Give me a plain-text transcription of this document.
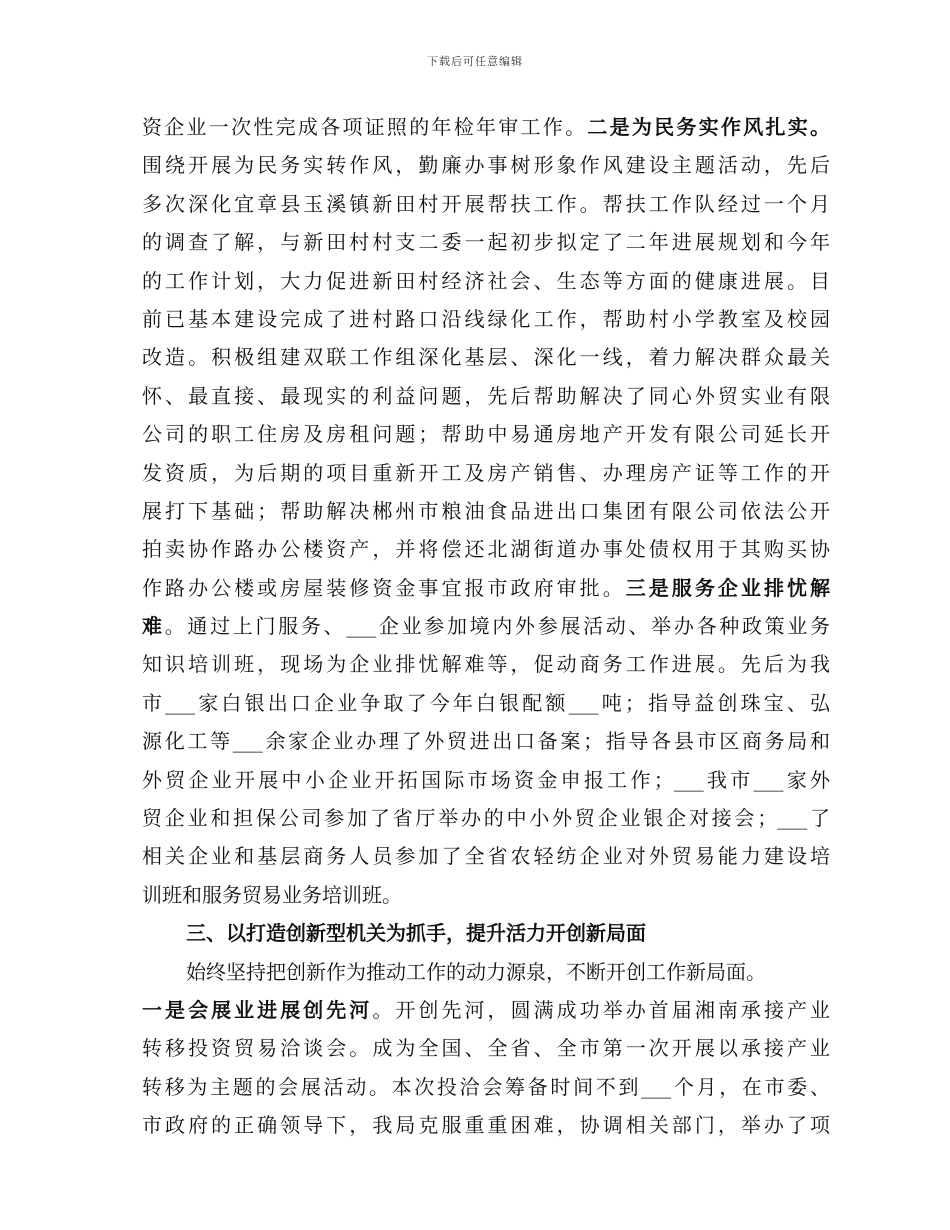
下载后可任意编辑
资企业一次性完成各项证照的年检年审工作。二是为民务实作风扎实。
围绕开展为民务实转作风，勤廉办事树形象作风建设主题活动，先后
多次深化宜章县玉溪镇新田村开展帮扶工作。帮扶工作队经过一个月
的调查了解，与新田村村支二委一起初步拟定了二年进展规划和今年
的工作计划，大力促进新田村经济社会、生态等方面的健康进展。目
前已基本建设完成了进村路口沿线绿化工作，帮助村小学教室及校园
改造。积极组建双联工作组深化基层、深化一线，着力解决群众最关
怀、最直接、最现实的利益问题，先后帮助解决了同心外贸实业有限
公司的职工住房及房租问题；帮助中易通房地产开发有限公司延长开
发资质，为后期的项目重新开工及房产销售、办理房产证等工作的开
展打下基础；帮助解决郴州市粮油食品进出口集团有限公司依法公开
拍卖协作路办公楼资产，并将偿还北湖街道办事处债权用于其购买协
作路办公楼或房屋装修资金事宜报市政府审批。三是服务企业排忧解
难。通过上门服务、___企业参加境内外参展活动、举办各种政策业务
知识培训班，现场为企业排忧解难等，促动商务工作进展。先后为我
市___家白银出口企业争取了今年白银配额___吨；指导益创珠宝、弘
源化工等___余家企业办理了外贸进出口备案；指导各县市区商务局和
外贸企业开展中小企业开拓国际市场资金申报工作；___我市___家外
贸企业和担保公司参加了省厅举办的中小外贸企业银企对接会；___了
相关企业和基层商务人员参加了全省农轻纺企业对外贸易能力建设培
训班和服务贸易业务培训班。
三、以打造创新型机关为抓手，提升活力开创新局面
始终坚持把创新作为推动工作的动力源泉，不断开创工作新局面。
一是会展业进展创先河。开创先河，圆满成功举办首届湘南承接产业
转移投资贸易洽谈会。成为全国、全省、全市第一次开展以承接产业
转移为主题的会展活动。本次投洽会筹备时间不到___个月，在市委、
市政府的正确领导下，我局克服重重困难，协调相关部门，举办了项
